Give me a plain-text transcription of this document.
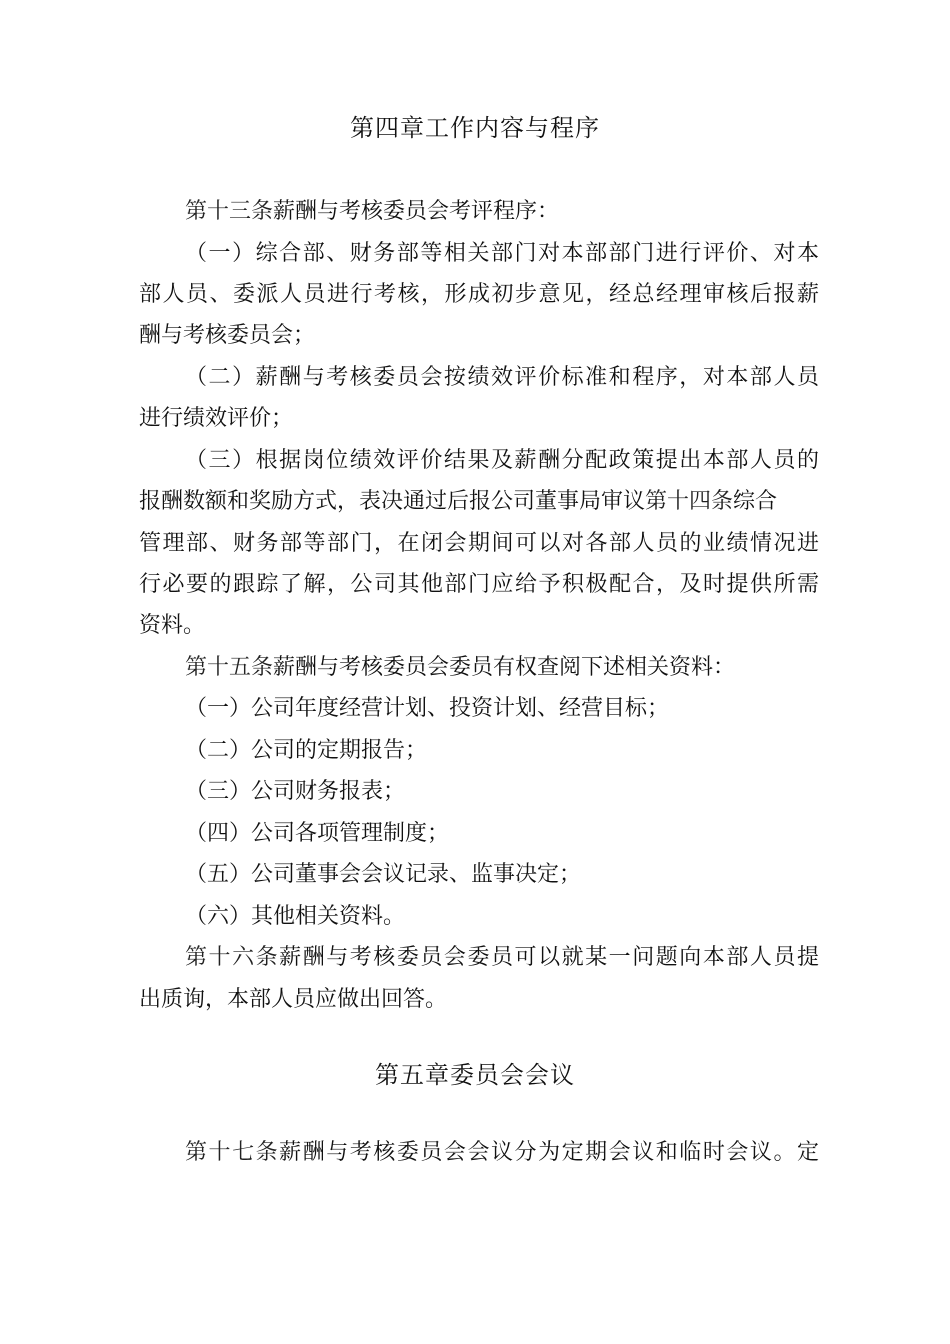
第四章工作内容与程序
第十三条薪酬与考核委员会考评程序：
（一）综合部、财务部等相关部门对本部部门进行评价、对本
部人员、委派人员进行考核，形成初步意见，经总经理审核后报薪
酬与考核委员会；
（二）薪酬与考核委员会按绩效评价标准和程序，对本部人员
进行绩效评价；
（三）根据岗位绩效评价结果及薪酬分配政策提出本部人员的
报酬数额和奖励方式，表决通过后报公司董事局审议第十四条综合
管理部、财务部等部门，在闭会期间可以对各部人员的业绩情况进
行必要的跟踪了解，公司其他部门应给予积极配合，及时提供所需
资料。
第十五条薪酬与考核委员会委员有权查阅下述相关资料：
（一）公司年度经营计划、投资计划、经营目标；
（二）公司的定期报告；
（三）公司财务报表；
（四）公司各项管理制度；
（五）公司董事会会议记录、监事决定；
（六）其他相关资料。
第十六条薪酬与考核委员会委员可以就某一问题向本部人员提
出质询，本部人员应做出回答。
第五章委员会会议
第十七条薪酬与考核委员会会议分为定期会议和临时会议。定
